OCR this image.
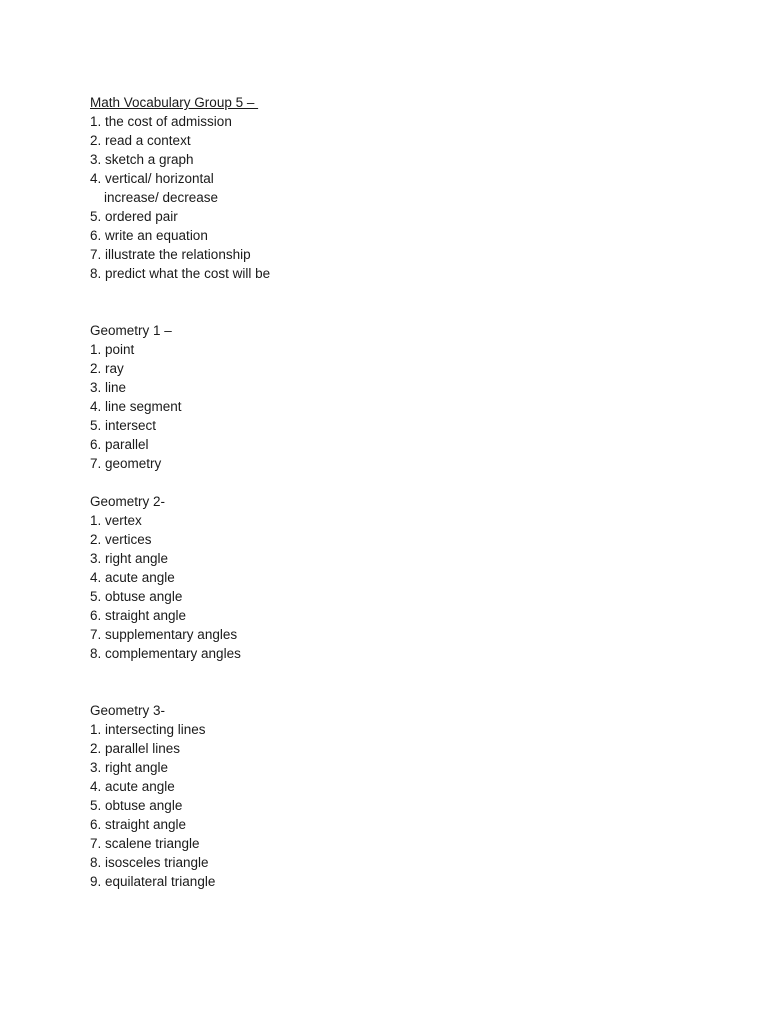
Math Vocabulary Group 5 –
1. the cost of admission
2. read a context
3. sketch a graph
4. vertical/ horizontal
increase/ decrease
5. ordered pair
6. write an equation
7. illustrate the relationship
8. predict what the cost will be
Geometry 1 –
1. point
2. ray
3. line
4. line segment
5. intersect
6. parallel
7. geometry
Geometry 2-
1. vertex
2. vertices
3. right angle
4. acute angle
5. obtuse angle
6. straight angle
7. supplementary angles
8. complementary angles
Geometry 3-
1. intersecting lines
2. parallel lines
3. right angle
4. acute angle
5. obtuse angle
6. straight angle
7. scalene triangle
8. isosceles triangle
9. equilateral triangle
